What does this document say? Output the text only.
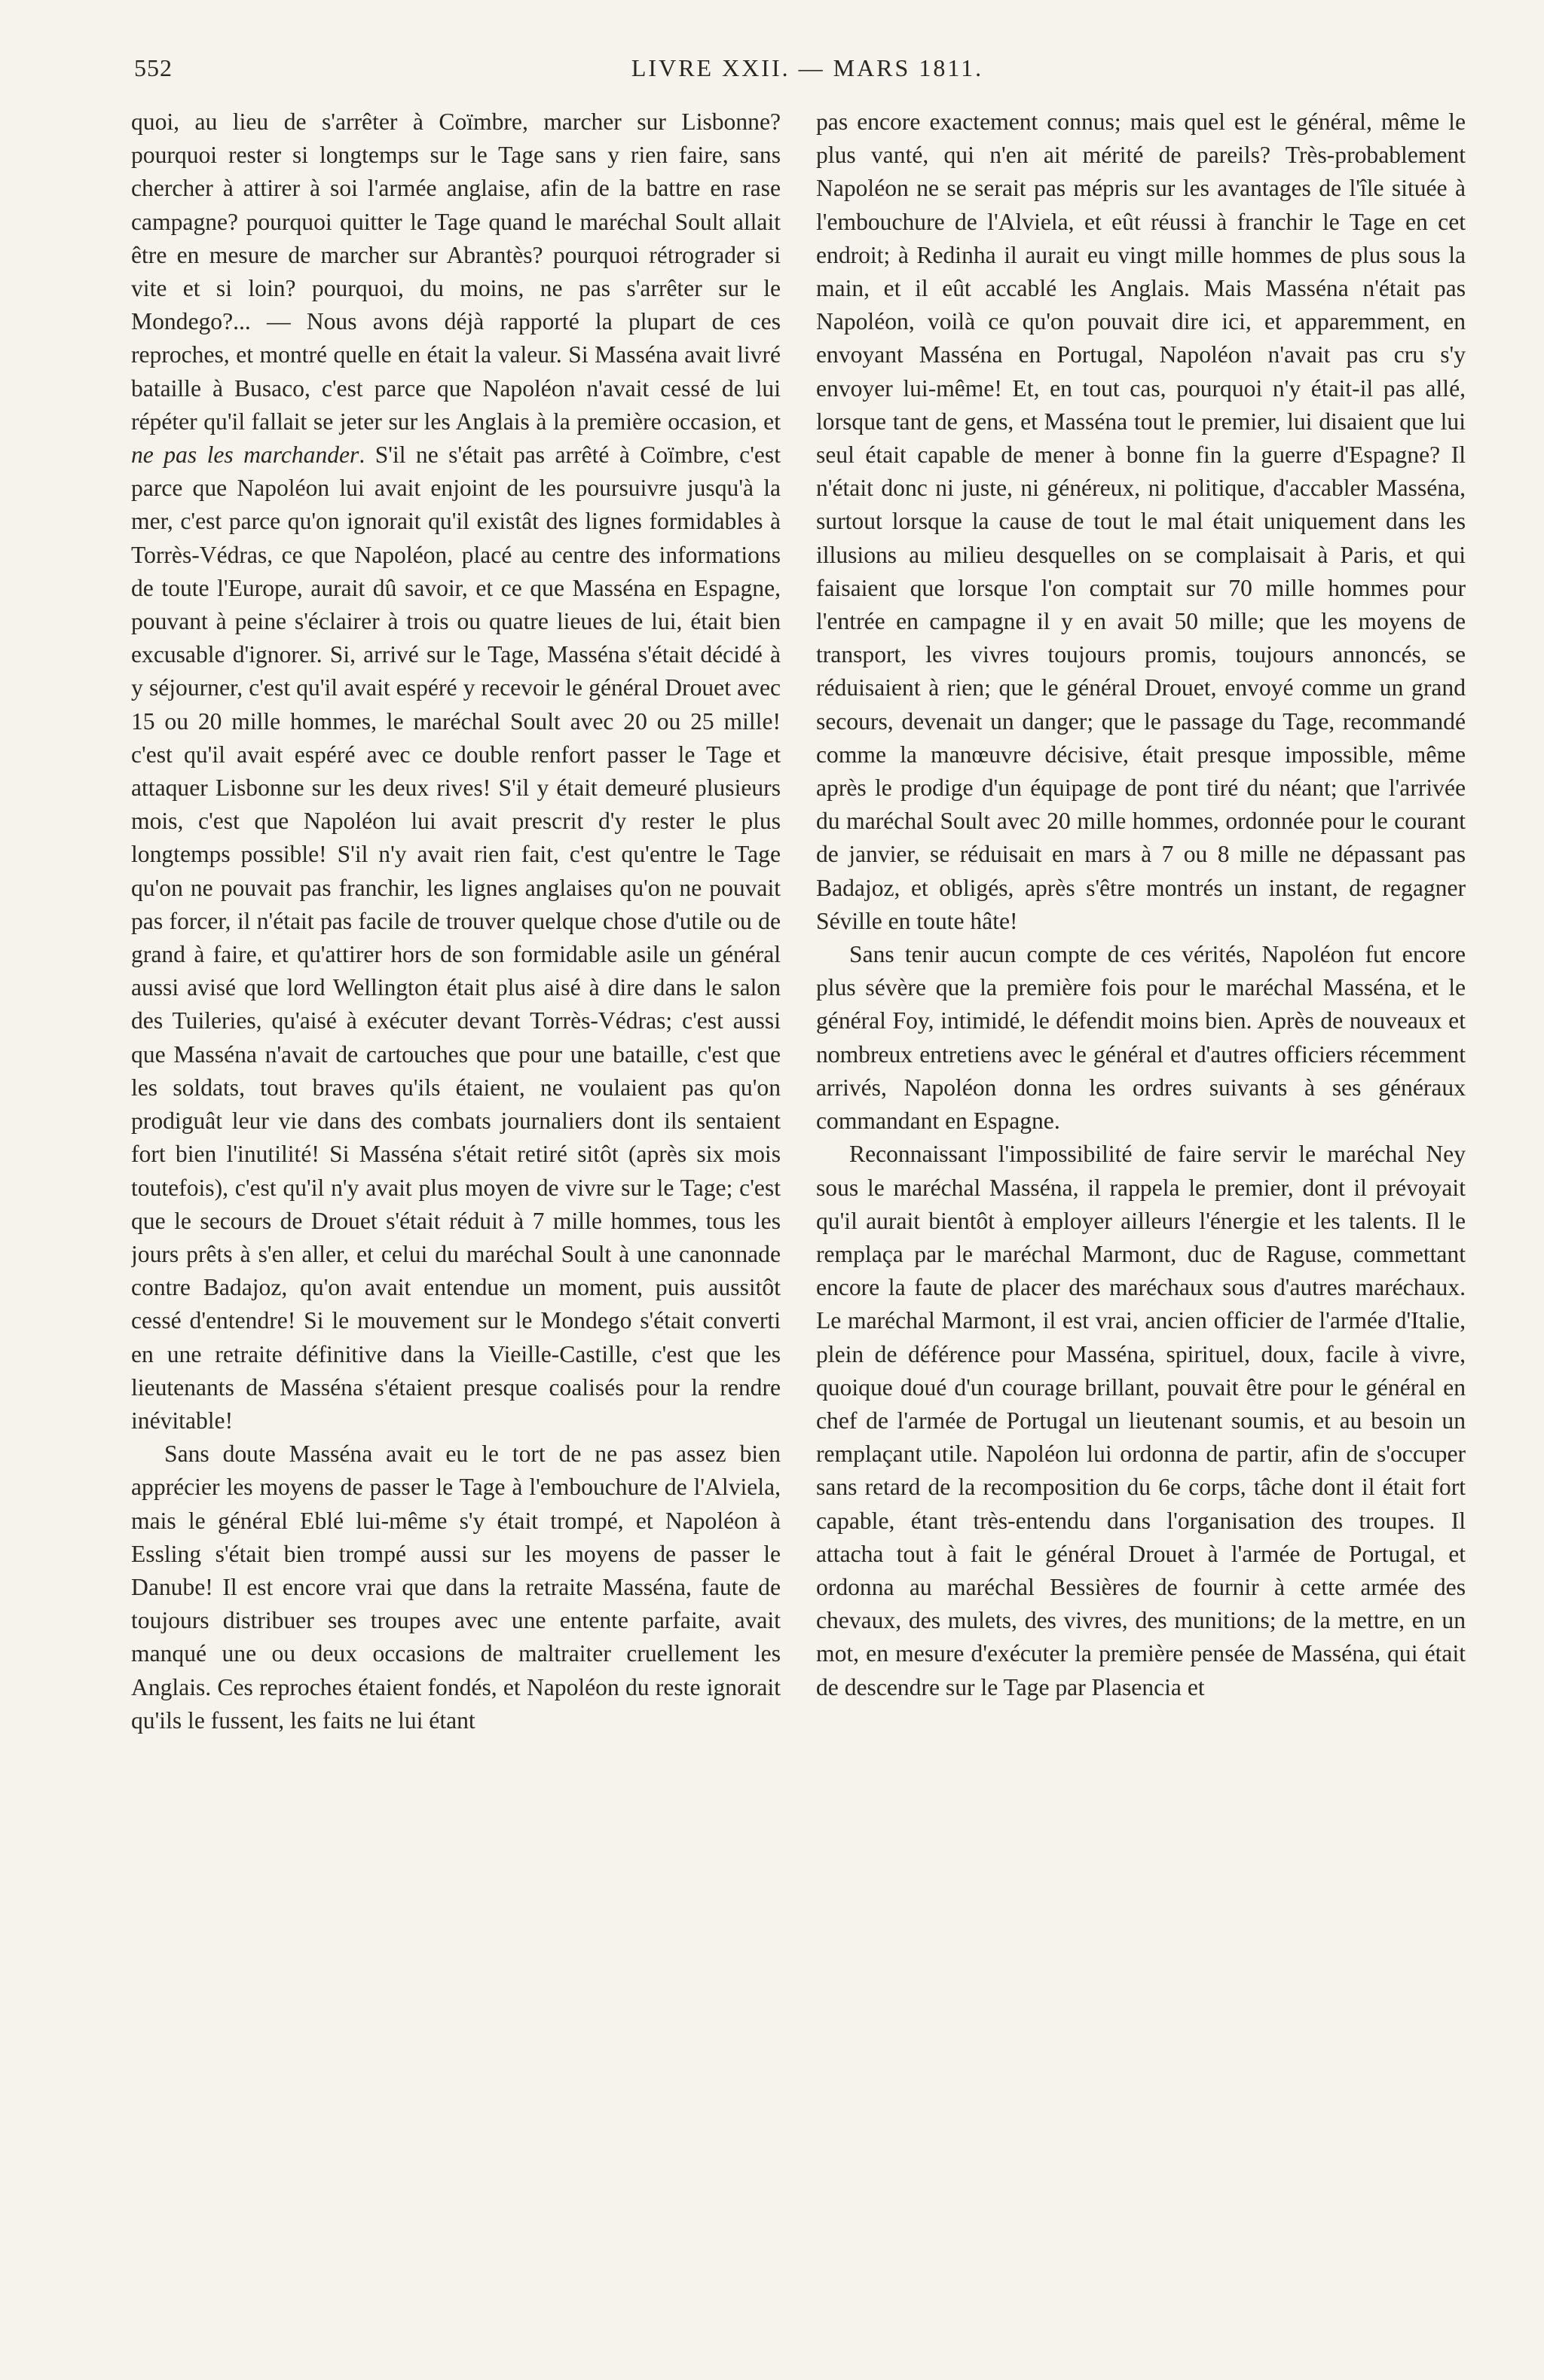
552	LIVRE XXII. — MARS 1811.

quoi, au lieu de s'arrêter à Coïmbre, marcher sur Lisbonne? pourquoi rester si longtemps sur le Tage sans y rien faire, sans chercher à attirer à soi l'armée anglaise, afin de la battre en rase campagne? pourquoi quitter le Tage quand le maréchal Soult allait être en mesure de marcher sur Abrantès? pourquoi rétrograder si vite et si loin? pourquoi, du moins, ne pas s'arrêter sur le Mondego?... — Nous avons déjà rapporté la plupart de ces reproches, et montré quelle en était la valeur. Si Masséna avait livré bataille à Busaco, c'est parce que Napoléon n'avait cessé de lui répéter qu'il fallait se jeter sur les Anglais à la première occasion, et ne pas les marchander. S'il ne s'était pas arrêté à Coïmbre, c'est parce que Napoléon lui avait enjoint de les poursuivre jusqu'à la mer, c'est parce qu'on ignorait qu'il existât des lignes formidables à Torrès-Védras, ce que Napoléon, placé au centre des informations de toute l'Europe, aurait dû savoir, et ce que Masséna en Espagne, pouvant à peine s'éclairer à trois ou quatre lieues de lui, était bien excusable d'ignorer. Si, arrivé sur le Tage, Masséna s'était décidé à y séjourner, c'est qu'il avait espéré y recevoir le général Drouet avec 15 ou 20 mille hommes, le maréchal Soult avec 20 ou 25 mille! c'est qu'il avait espéré avec ce double renfort passer le Tage et attaquer Lisbonne sur les deux rives! S'il y était demeuré plusieurs mois, c'est que Napoléon lui avait prescrit d'y rester le plus longtemps possible! S'il n'y avait rien fait, c'est qu'entre le Tage qu'on ne pouvait pas franchir, les lignes anglaises qu'on ne pouvait pas forcer, il n'était pas facile de trouver quelque chose d'utile ou de grand à faire, et qu'attirer hors de son formidable asile un général aussi avisé que lord Wellington était plus aisé à dire dans le salon des Tuileries, qu'aisé à exécuter devant Torrès-Védras; c'est aussi que Masséna n'avait de cartouches que pour une bataille, c'est que les soldats, tout braves qu'ils étaient, ne voulaient pas qu'on prodiguât leur vie dans des combats journaliers dont ils sentaient fort bien l'inutilité! Si Masséna s'était retiré sitôt (après six mois toutefois), c'est qu'il n'y avait plus moyen de vivre sur le Tage; c'est que le secours de Drouet s'était réduit à 7 mille hommes, tous les jours prêts à s'en aller, et celui du maréchal Soult à une canonnade contre Badajoz, qu'on avait entendue un moment, puis aussitôt cessé d'entendre! Si le mouvement sur le Mondego s'était converti en une retraite définitive dans la Vieille-Castille, c'est que les lieutenants de Masséna s'étaient presque coalisés pour la rendre inévitable!

Sans doute Masséna avait eu le tort de ne pas assez bien apprécier les moyens de passer le Tage à l'embouchure de l'Alviela, mais le général Eblé lui-même s'y était trompé, et Napoléon à Essling s'était bien trompé aussi sur les moyens de passer le Danube! Il est encore vrai que dans la retraite Masséna, faute de toujours distribuer ses troupes avec une entente parfaite, avait manqué une ou deux occasions de maltraiter cruellement les Anglais. Ces reproches étaient fondés, et Napoléon du reste ignorait qu'ils le fussent, les faits ne lui étant

pas encore exactement connus; mais quel est le général, même le plus vanté, qui n'en ait mérité de pareils? Très-probablement Napoléon ne se serait pas mépris sur les avantages de l'île située à l'embouchure de l'Alviela, et eût réussi à franchir le Tage en cet endroit; à Redinha il aurait eu vingt mille hommes de plus sous la main, et il eût accablé les Anglais. Mais Masséna n'était pas Napoléon, voilà ce qu'on pouvait dire ici, et apparemment, en envoyant Masséna en Portugal, Napoléon n'avait pas cru s'y envoyer lui-même! Et, en tout cas, pourquoi n'y était-il pas allé, lorsque tant de gens, et Masséna tout le premier, lui disaient que lui seul était capable de mener à bonne fin la guerre d'Espagne? Il n'était donc ni juste, ni généreux, ni politique, d'accabler Masséna, surtout lorsque la cause de tout le mal était uniquement dans les illusions au milieu desquelles on se complaisait à Paris, et qui faisaient que lorsque l'on comptait sur 70 mille hommes pour l'entrée en campagne il y en avait 50 mille; que les moyens de transport, les vivres toujours promis, toujours annoncés, se réduisaient à rien; que le général Drouet, envoyé comme un grand secours, devenait un danger; que le passage du Tage, recommandé comme la manœuvre décisive, était presque impossible, même après le prodige d'un équipage de pont tiré du néant; que l'arrivée du maréchal Soult avec 20 mille hommes, ordonnée pour le courant de janvier, se réduisait en mars à 7 ou 8 mille ne dépassant pas Badajoz, et obligés, après s'être montrés un instant, de regagner Séville en toute hâte!

Sans tenir aucun compte de ces vérités, Napoléon fut encore plus sévère que la première fois pour le maréchal Masséna, et le général Foy, intimidé, le défendit moins bien. Après de nouveaux et nombreux entretiens avec le général et d'autres officiers récemment arrivés, Napoléon donna les ordres suivants à ses généraux commandant en Espagne.

Reconnaissant l'impossibilité de faire servir le maréchal Ney sous le maréchal Masséna, il rappela le premier, dont il prévoyait qu'il aurait bientôt à employer ailleurs l'énergie et les talents. Il le remplaça par le maréchal Marmont, duc de Raguse, commettant encore la faute de placer des maréchaux sous d'autres maréchaux. Le maréchal Marmont, il est vrai, ancien officier de l'armée d'Italie, plein de déférence pour Masséna, spirituel, doux, facile à vivre, quoique doué d'un courage brillant, pouvait être pour le général en chef de l'armée de Portugal un lieutenant soumis, et au besoin un remplaçant utile. Napoléon lui ordonna de partir, afin de s'occuper sans retard de la recomposition du 6e corps, tâche dont il était fort capable, étant très-entendu dans l'organisation des troupes. Il attacha tout à fait le général Drouet à l'armée de Portugal, et ordonna au maréchal Bessières de fournir à cette armée des chevaux, des mulets, des vivres, des munitions; de la mettre, en un mot, en mesure d'exécuter la première pensée de Masséna, qui était de descendre sur le Tage par Plasencia et
